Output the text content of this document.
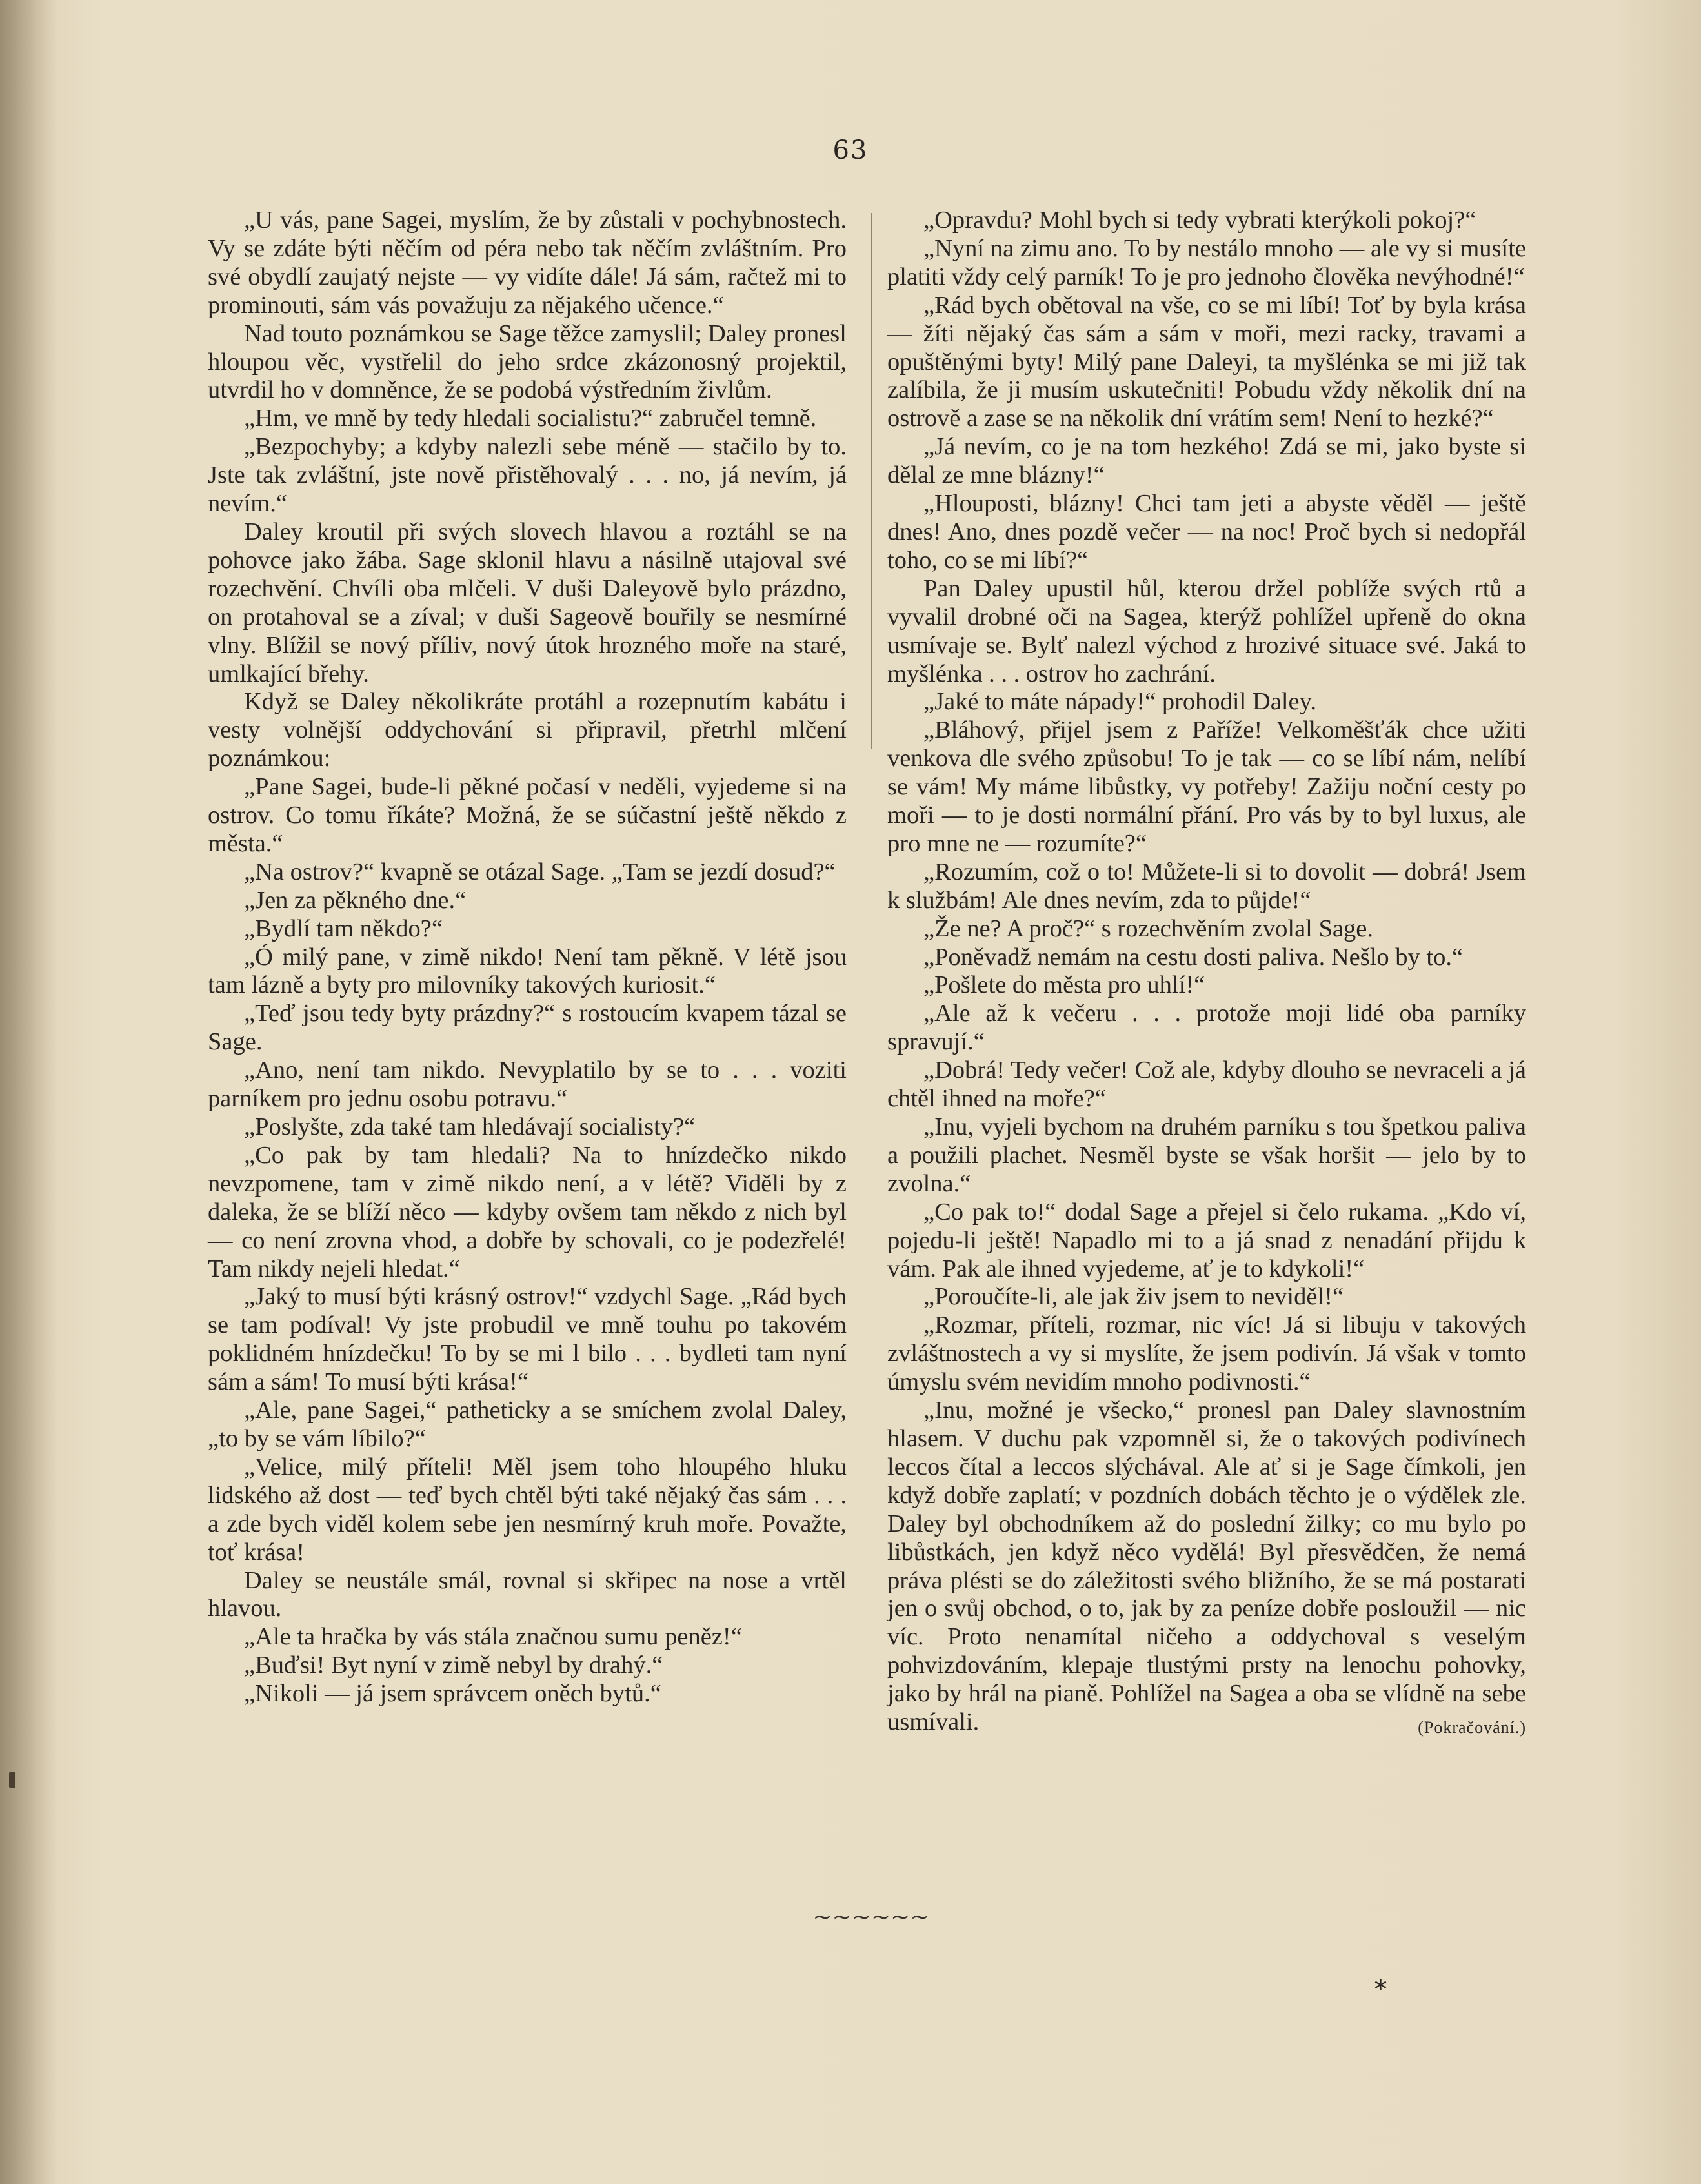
63

„U vás, pane Sagei, myslím, že by zůstali v pochybnostech. Vy se zdáte býti něčím od péra nebo tak něčím zvláštním. Pro své obydlí zaujatý nejste — vy vidíte dále! Já sám, račtež mi to prominouti, sám vás považuju za nějakého učence.“

Nad touto poznámkou se Sage těžce zamyslil; Daley pronesl hloupou věc, vystřelil do jeho srdce zkázonosný projektil, utvrdil ho v domněnce, že se podobá výstředním živlům.

„Hm, ve mně by tedy hledali socialistu?“ zabručel temně.

„Bezpochyby; a kdyby nalezli sebe méně — stačilo by to. Jste tak zvláštní, jste nově přistěhovalý . . . no, já nevím, já nevím.“

Daley kroutil při svých slovech hlavou a roztáhl se na pohovce jako žába. Sage sklonil hlavu a násilně utajoval své rozechvění. Chvíli oba mlčeli. V duši Daleyově bylo prázdno, on protahoval se a zíval; v duši Sageově bouřily se nesmírné vlny. Blížil se nový příliv, nový útok hrozného moře na staré, umlkající břehy.

Když se Daley několikráte protáhl a rozepnutím kabátu i vesty volnější oddychování si připravil, přetrhl mlčení poznámkou:

„Pane Sagei, bude-li pěkné počasí v neděli, vyjedeme si na ostrov. Co tomu říkáte? Možná, že se súčastní ještě někdo z města.“

„Na ostrov?“ kvapně se otázal Sage. „Tam se jezdí dosud?“

„Jen za pěkného dne.“

„Bydlí tam někdo?“

„Ó milý pane, v zimě nikdo! Není tam pěkně. V létě jsou tam lázně a byty pro milovníky takových kuriosit.“

„Teď jsou tedy byty prázdny?“ s rostoucím kvapem tázal se Sage.

„Ano, není tam nikdo. Nevyplatilo by se to . . . voziti parníkem pro jednu osobu potravu.“

„Poslyšte, zda také tam hledávají socialisty?“

„Co pak by tam hledali? Na to hnízdečko nikdo nevzpomene, tam v zimě nikdo není, a v létě? Viděli by z daleka, že se blíží něco — kdyby ovšem tam někdo z nich byl — co není zrovna vhod, a dobře by schovali, co je podezřelé! Tam nikdy nejeli hledat.“

„Jaký to musí býti krásný ostrov!“ vzdychl Sage. „Rád bych se tam podíval! Vy jste probudil ve mně touhu po takovém poklidném hnízdečku! To by se mi l bilo . . . bydleti tam nyní sám a sám! To musí býti krása!“

„Ale, pane Sagei,“ patheticky a se smíchem zvolal Daley, „to by se vám líbilo?“

„Velice, milý příteli! Měl jsem toho hloupého hluku lidského až dost — teď bych chtěl býti také nějaký čas sám . . . a zde bych viděl kolem sebe jen nesmírný kruh moře. Považte, toť krása!

Daley se neustále smál, rovnal si skřipec na nose a vrtěl hlavou.

„Ale ta hračka by vás stála značnou sumu peněz!“

„Buďsi! Byt nyní v zimě nebyl by drahý.“

„Nikoli — já jsem správcem oněch bytů.“

„Opravdu? Mohl bych si tedy vybrati kterýkoli pokoj?“

„Nyní na zimu ano. To by nestálo mnoho — ale vy si musíte platiti vždy celý parník! To je pro jednoho člověka nevýhodné!“

„Rád bych obětoval na vše, co se mi líbí! Toť by byla krása — žíti nějaký čas sám a sám v moři, mezi racky, travami a opuštěnými byty! Milý pane Daleyi, ta myšlénka se mi již tak zalíbila, že ji musím uskutečniti! Pobudu vždy několik dní na ostrově a zase se na několik dní vrátím sem! Není to hezké?“

„Já nevím, co je na tom hezkého! Zdá se mi, jako byste si dělal ze mne blázny!“

„Hlouposti, blázny! Chci tam jeti a abyste věděl — ještě dnes! Ano, dnes pozdě večer — na noc! Proč bych si nedopřál toho, co se mi líbí?“

Pan Daley upustil hůl, kterou držel poblíže svých rtů a vyvalil drobné oči na Sagea, kterýž pohlížel upřeně do okna usmívaje se. Bylť nalezl východ z hrozivé situace své. Jaká to myšlénka . . . ostrov ho zachrání.

„Jaké to máte nápady!“ prohodil Daley.

„Bláhový, přijel jsem z Paříže! Velkoměšťák chce užiti venkova dle svého způsobu! To je tak — co se líbí nám, nelíbí se vám! My máme libůstky, vy potřeby! Zažiju noční cesty po moři — to je dosti normální přání. Pro vás by to byl luxus, ale pro mne ne — rozumíte?“

„Rozumím, což o to! Můžete-li si to dovolit — dobrá! Jsem k službám! Ale dnes nevím, zda to půjde!“

„Že ne? A proč?“ s rozechvěním zvolal Sage.

„Poněvadž nemám na cestu dosti paliva. Nešlo by to.“

„Pošlete do města pro uhlí!“

„Ale až k večeru . . . protože moji lidé oba parníky spravují.“

„Dobrá! Tedy večer! Což ale, kdyby dlouho se nevraceli a já chtěl ihned na moře?“

„Inu, vyjeli bychom na druhém parníku s tou špetkou paliva a použili plachet. Nesměl byste se však horšit — jelo by to zvolna.“

„Co pak to!“ dodal Sage a přejel si čelo rukama. „Kdo ví, pojedu-li ještě! Napadlo mi to a já snad z nenadání přijdu k vám. Pak ale ihned vyjedeme, ať je to kdykoli!“

„Poroučíte-li, ale jak živ jsem to neviděl!“

„Rozmar, příteli, rozmar, nic víc! Já si libuju v takových zvláštnostech a vy si myslíte, že jsem podivín. Já však v tomto úmyslu svém nevidím mnoho podivnosti.“

„Inu, možné je všecko,“ pronesl pan Daley slavnostním hlasem. V duchu pak vzpomněl si, že o takových podivínech leccos čítal a leccos slýchával. Ale ať si je Sage čímkoli, jen když dobře zaplatí; v pozdních dobách těchto je o výdělek zle. Daley byl obchodníkem až do poslední žilky; co mu bylo po libůstkách, jen když něco vydělá! Byl přesvědčen, že nemá práva plésti se do záležitosti svého bližního, že se má postarati jen o svůj obchod, o to, jak by za peníze dobře posloužil — nic víc. Proto nenamítal ničeho a oddychoval s veselým pohvizdováním, klepaje tlustými prsty na lenochu pohovky, jako by hrál na pianě. Pohlížel na Sagea a oba se vlídně na sebe usmívali.	(Pokračování.)

~~~~~~
*
